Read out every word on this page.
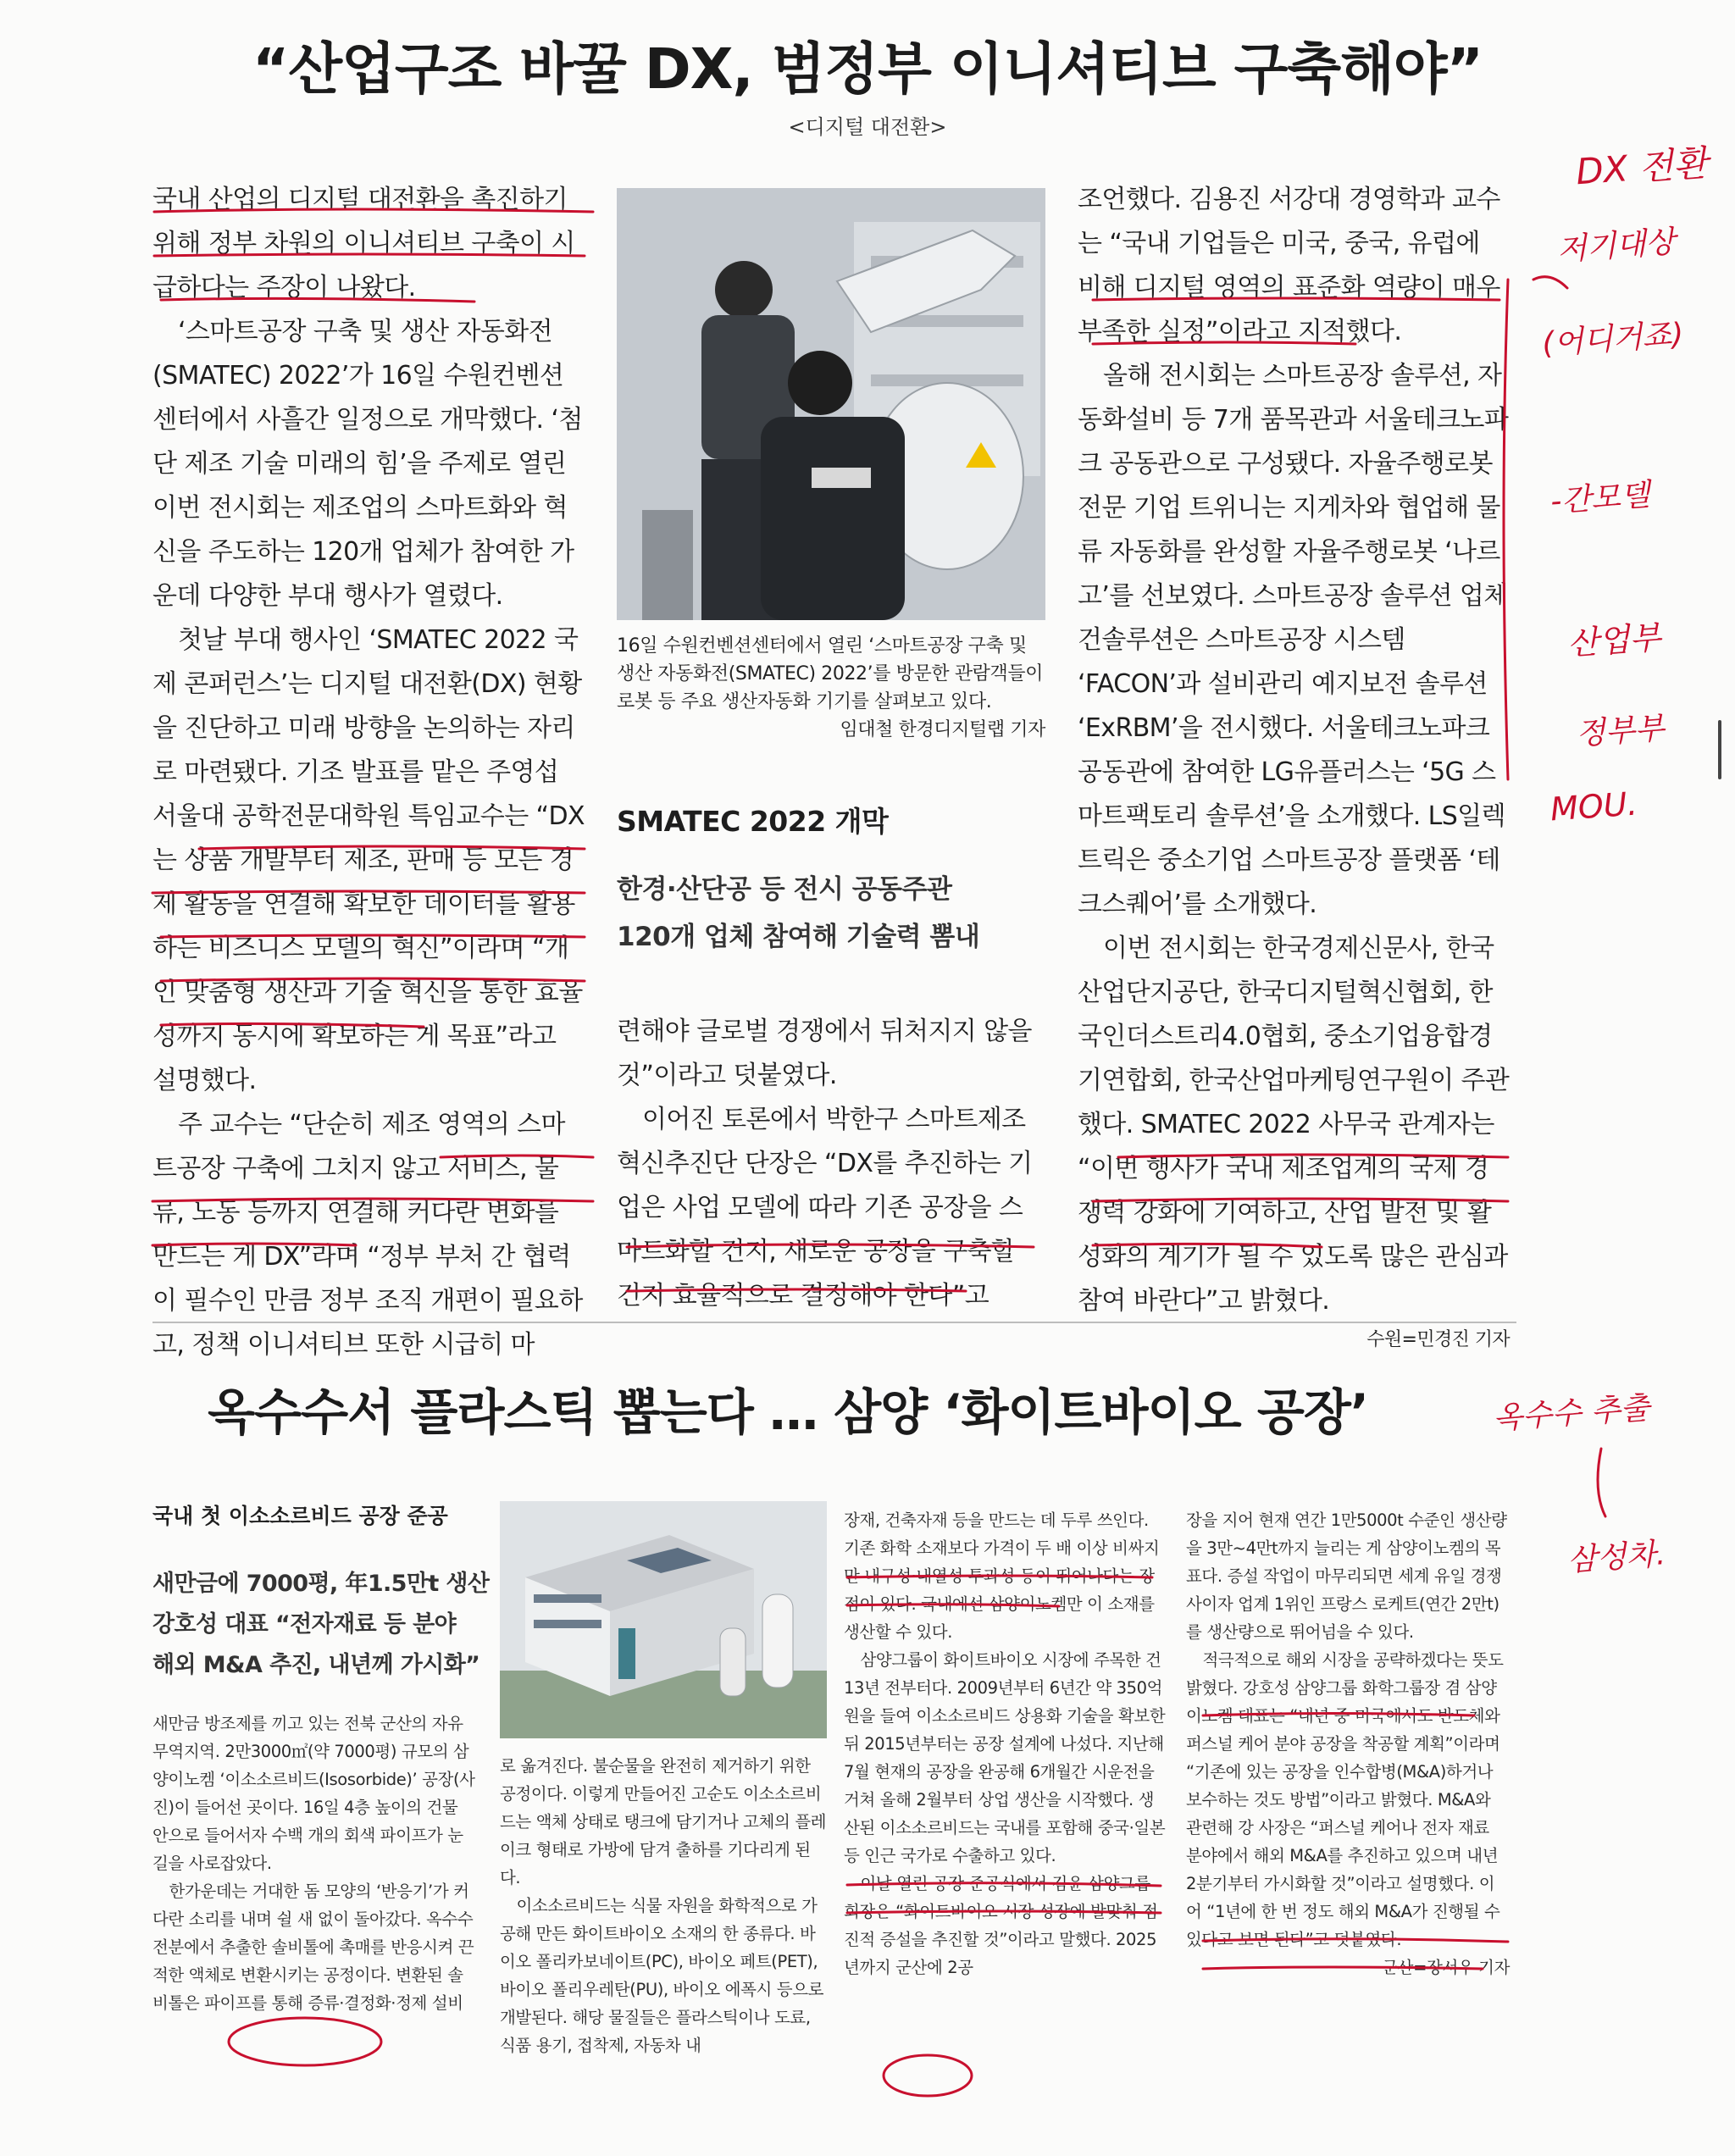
“산업구조 바꿀 DX, 범정부 이니셔티브 구축해야”
<디지털 대전환>

국내 산업의 디지털 대전환을 촉진하기 위해 정부 차원의 이니셔티브 구축이 시급하다는 주장이 나왔다.

‘스마트공장 구축 및 생산 자동화전(SMATEC) 2022’가 16일 수원컨벤션센터에서 사흘간 일정으로 개막했다. ‘첨단 제조 기술 미래의 힘’을 주제로 열린 이번 전시회는 제조업의 스마트화와 혁신을 주도하는 120개 업체가 참여한 가운데 다양한 부대 행사가 열렸다.

첫날 부대 행사인 ‘SMATEC 2022 국제 콘퍼런스’는 디지털 대전환(DX) 현황을 진단하고 미래 방향을 논의하는 자리로 마련됐다. 기조 발표를 맡은 주영섭 서울대 공학전문대학원 특임교수는 “DX는 상품 개발부터 제조, 판매 등 모든 경제 활동을 연결해 확보한 데이터를 활용하는 비즈니스 모델의 혁신”이라며 “개인 맞춤형 생산과 기술 혁신을 통한 효율성까지 동시에 확보하는 게 목표”라고 설명했다.

주 교수는 “단순히 제조 영역의 스마트공장 구축에 그치지 않고 서비스, 물류, 노동 등까지 연결해 커다란 변화를 만드는 게 DX”라며 “정부 부처 간 협력이 필수인 만큼 정부 조직 개편이 필요하고, 정책 이니셔티브 또한 시급히 마

16일 수원컨벤션센터에서 열린 ‘스마트공장 구축 및 생산 자동화전(SMATEC) 2022’를 방문한 관람객들이 로봇 등 주요 생산자동화 기기를 살펴보고 있다.
임대철 한경디지털랩 기자
SMATEC 2022 개막
한경·산단공 등 전시 공동주관
120개 업체 참여해 기술력 뽐내

련해야 글로벌 경쟁에서 뒤처지지 않을 것”이라고 덧붙였다.

이어진 토론에서 박한구 스마트제조혁신추진단 단장은 “DX를 추진하는 기업은 사업 모델에 따라 기존 공장을 스마트화할 건지, 새로운 공장을 구축할 건지 효율적으로 결정해야 한다”고

조언했다. 김용진 서강대 경영학과 교수는 “국내 기업들은 미국, 중국, 유럽에 비해 디지털 영역의 표준화 역량이 매우 부족한 실정”이라고 지적했다.

올해 전시회는 스마트공장 솔루션, 자동화설비 등 7개 품목관과 서울테크노파크 공동관으로 구성됐다. 자율주행로봇 전문 기업 트위니는 지게차와 협업해 물류 자동화를 완성할 자율주행로봇 ‘나르고’를 선보였다. 스마트공장 솔루션 업체 건솔루션은 스마트공장 시스템 ‘FACON’과 설비관리 예지보전 솔루션 ‘ExRBM’을 전시했다. 서울테크노파크 공동관에 참여한 LG유플러스는 ‘5G 스마트팩토리 솔루션’을 소개했다. LS일렉트릭은 중소기업 스마트공장 플랫폼 ‘테크스퀘어’를 소개했다.

이번 전시회는 한국경제신문사, 한국산업단지공단, 한국디지털혁신협회, 한국인더스트리4.0협회, 중소기업융합경기연합회, 한국산업마케팅연구원이 주관했다. SMATEC 2022 사무국 관계자는 “이번 행사가 국내 제조업계의 국제 경쟁력 강화에 기여하고, 산업 발전 및 활성화의 계기가 될 수 있도록 많은 관심과 참여 바란다”고 밝혔다.

수원=민경진 기자
옥수수서 플라스틱 뽑는다 … 삼양 ‘화이트바이오 공장’
국내 첫 이소소르비드 공장 준공
새만금에 7000평, 年1.5만t 생산
강호성 대표 “전자재료 등 분야
해외 M&A 추진, 내년께 가시화”

새만금 방조제를 끼고 있는 전북 군산의 자유무역지역. 2만3000㎡(약 7000평) 규모의 삼양이노켐 ‘이소소르비드(Isosorbide)’ 공장(사진)이 들어선 곳이다. 16일 4층 높이의 건물 안으로 들어서자 수백 개의 회색 파이프가 눈길을 사로잡았다.

한가운데는 거대한 돔 모양의 ‘반응기’가 커다란 소리를 내며 쉴 새 없이 돌아갔다. 옥수수 전분에서 추출한 솔비톨에 촉매를 반응시켜 끈적한 액체로 변환시키는 공정이다. 변환된 솔비톨은 파이프를 통해 증류·결정화·정제 설비

로 옮겨진다. 불순물을 완전히 제거하기 위한 공정이다. 이렇게 만들어진 고순도 이소소르비드는 액체 상태로 탱크에 담기거나 고체의 플레이크 형태로 가방에 담겨 출하를 기다리게 된다.

이소소르비드는 식물 자원을 화학적으로 가공해 만든 화이트바이오 소재의 한 종류다. 바이오 폴리카보네이트(PC), 바이오 페트(PET), 바이오 폴리우레탄(PU), 바이오 에폭시 등으로 개발된다. 해당 물질들은 플라스틱이나 도료, 식품 용기, 접착제, 자동차 내

장재, 건축자재 등을 만드는 데 두루 쓰인다. 기존 화학 소재보다 가격이 두 배 이상 비싸지만 내구성·내열성·투과성 등이 뛰어나다는 장점이 있다. 국내에선 삼양이노켐만 이 소재를 생산할 수 있다.

삼양그룹이 화이트바이오 시장에 주목한 건 13년 전부터다. 2009년부터 6년간 약 350억원을 들여 이소소르비드 상용화 기술을 확보한 뒤 2015년부터는 공장 설계에 나섰다. 지난해 7월 현재의 공장을 완공해 6개월간 시운전을 거쳐 올해 2월부터 상업 생산을 시작했다. 생산된 이소소르비드는 국내를 포함해 중국·일본 등 인근 국가로 수출하고 있다.

이날 열린 공장 준공식에서 김윤 삼양그룹 회장은 “화이트바이오 시장 성장에 발맞춰 점진적 증설을 추진할 것”이라고 말했다. 2025년까지 군산에 2공

장을 지어 현재 연간 1만5000t 수준인 생산량을 3만~4만t까지 늘리는 게 삼양이노켐의 목표다. 증설 작업이 마무리되면 세계 유일 경쟁사이자 업계 1위인 프랑스 로케트(연간 2만t)를 생산량으로 뛰어넘을 수 있다.

적극적으로 해외 시장을 공략하겠다는 뜻도 밝혔다. 강호성 삼양그룹 화학그룹장 겸 삼양이노켐 대표는 “내년 중 미국에서도 반도체와 퍼스널 케어 분야 공장을 착공할 계획”이라며 “기존에 있는 공장을 인수합병(M&A)하거나 보수하는 것도 방법”이라고 밝혔다. M&A와 관련해 강 사장은 “퍼스널 케어나 전자 재료 분야에서 해외 M&A를 추진하고 있으며 내년 2분기부터 가시화할 것”이라고 설명했다. 이어 “1년에 한 번 정도 해외 M&A가 진행될 수 있다고 보면 된다”고 덧붙였다.

군산=장서우 기자
DX 전환
저기대상
(어디거죠)
-간모델
산업부
정부부
MOU.
옥수수 추출
삼성차.
